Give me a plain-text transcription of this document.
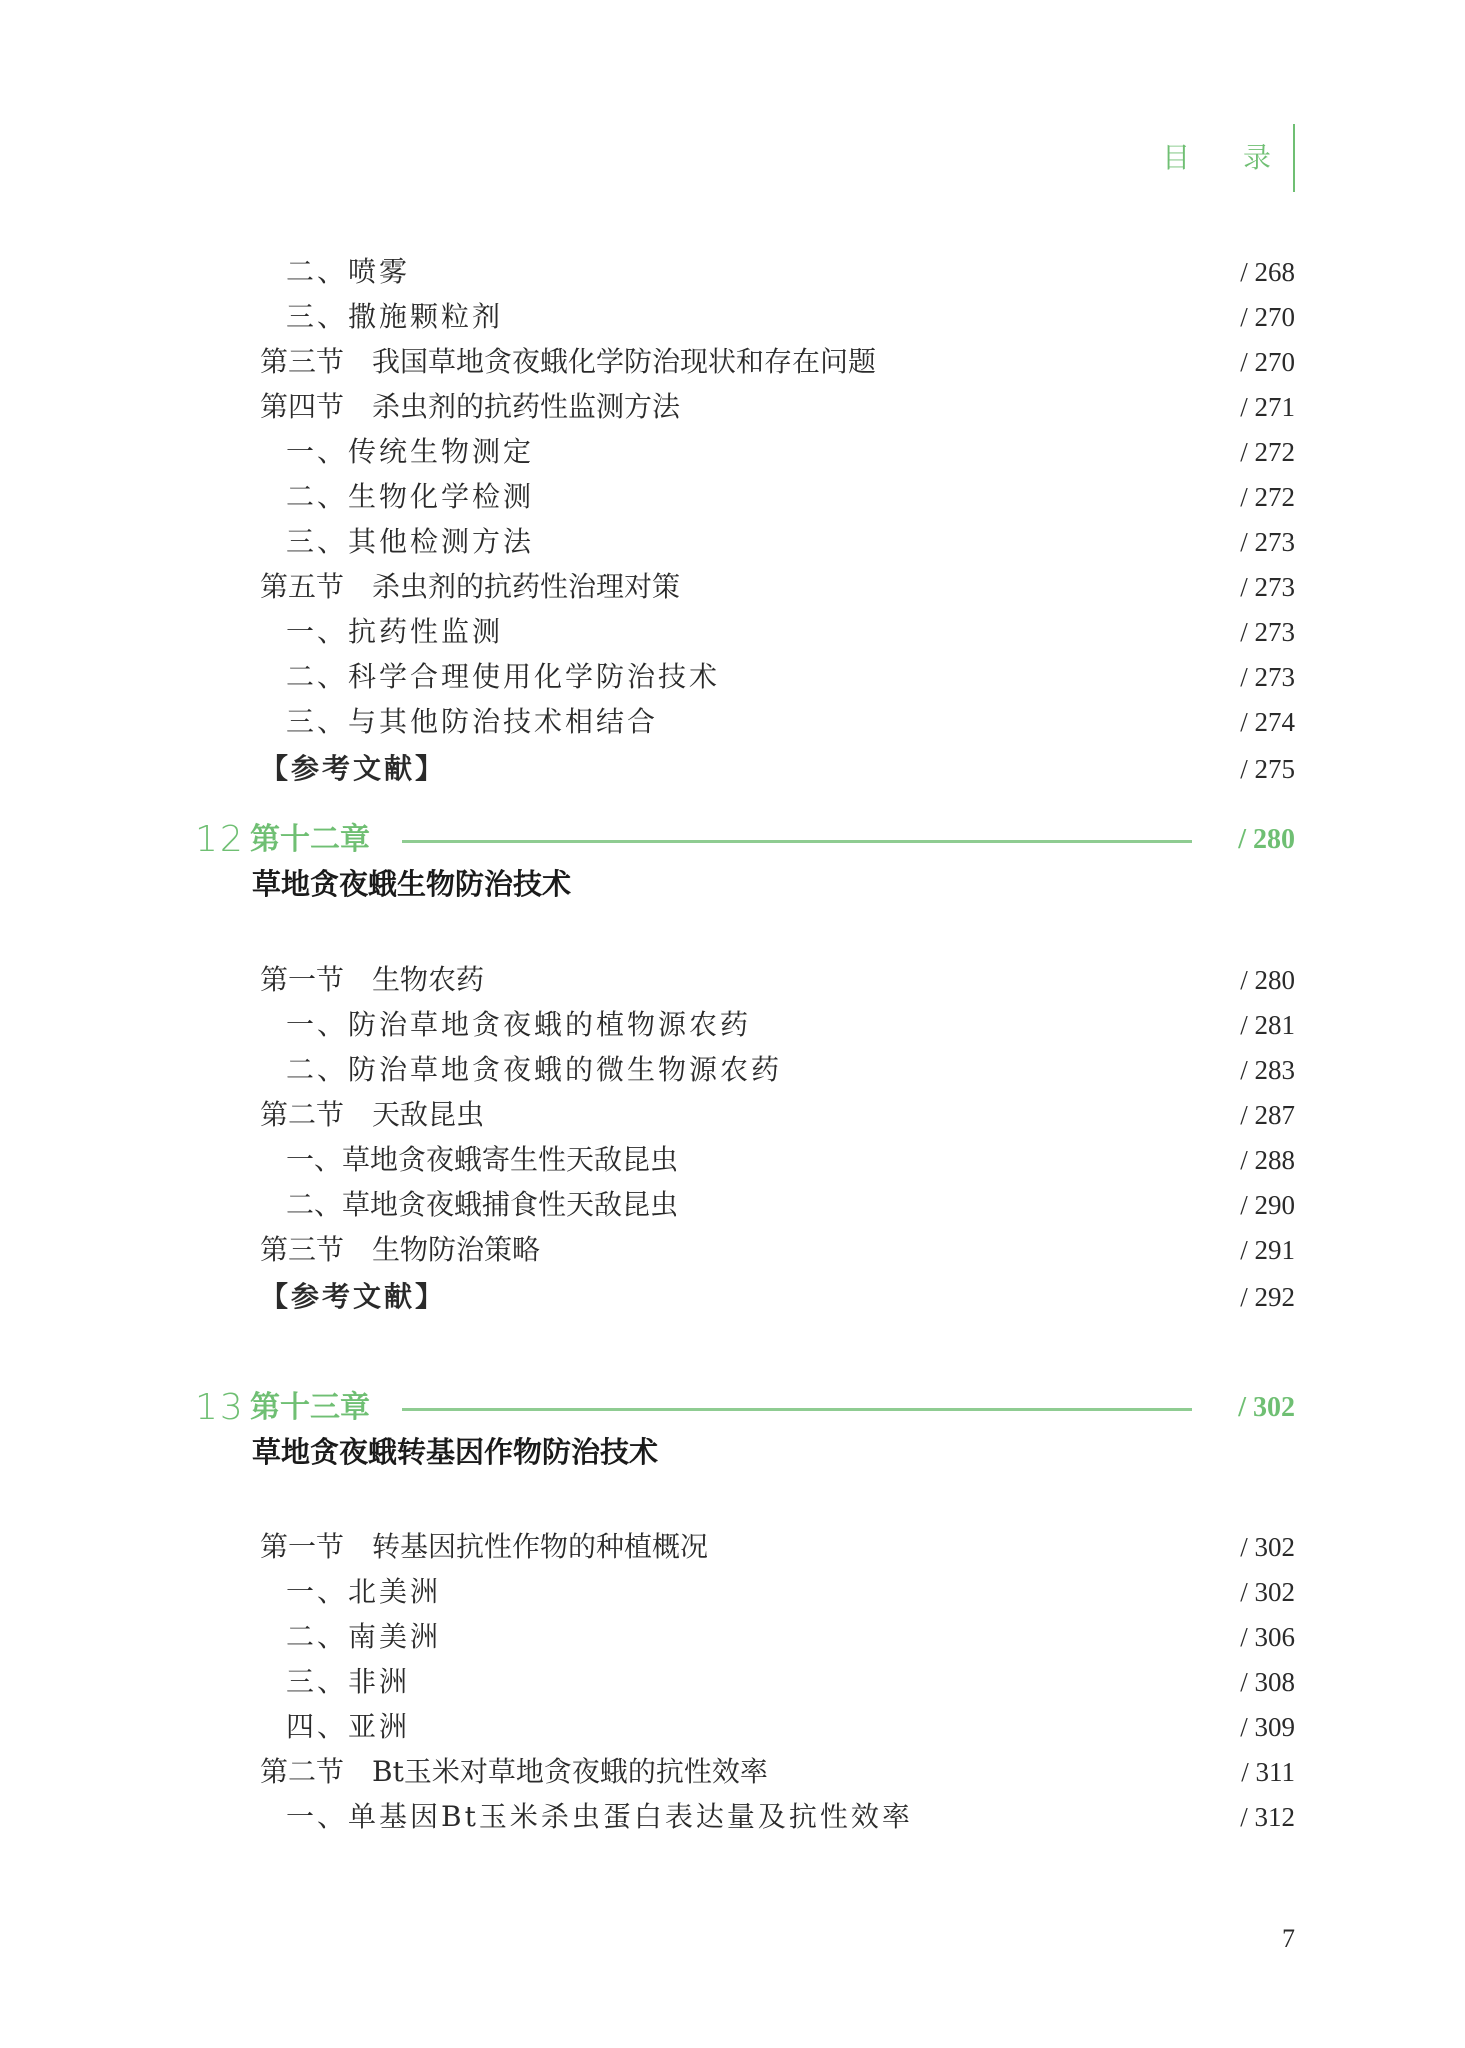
目 录
二、喷雾	/ 268
三、撒施颗粒剂	/ 270
第三节　我国草地贪夜蛾化学防治现状和存在问题	/ 270
第四节　杀虫剂的抗药性监测方法	/ 271
一、传统生物测定	/ 272
二、生物化学检测	/ 272
三、其他检测方法	/ 273
第五节　杀虫剂的抗药性治理对策	/ 273
一、抗药性监测	/ 273
二、科学合理使用化学防治技术	/ 273
三、与其他防治技术相结合	/ 274
【参考文献】	/ 275
12 第十二章	/ 280
草地贪夜蛾生物防治技术
第一节　生物农药	/ 280
一、防治草地贪夜蛾的植物源农药	/ 281
二、防治草地贪夜蛾的微生物源农药	/ 283
第二节　天敌昆虫	/ 287
一、草地贪夜蛾寄生性天敌昆虫	/ 288
二、草地贪夜蛾捕食性天敌昆虫	/ 290
第三节　生物防治策略	/ 291
【参考文献】	/ 292
13 第十三章	/ 302
草地贪夜蛾转基因作物防治技术
第一节　转基因抗性作物的种植概况	/ 302
一、北美洲	/ 302
二、南美洲	/ 306
三、非洲	/ 308
四、亚洲	/ 309
第二节　Bt玉米对草地贪夜蛾的抗性效率	/ 311
一、单基因Bt玉米杀虫蛋白表达量及抗性效率	/ 312
7
